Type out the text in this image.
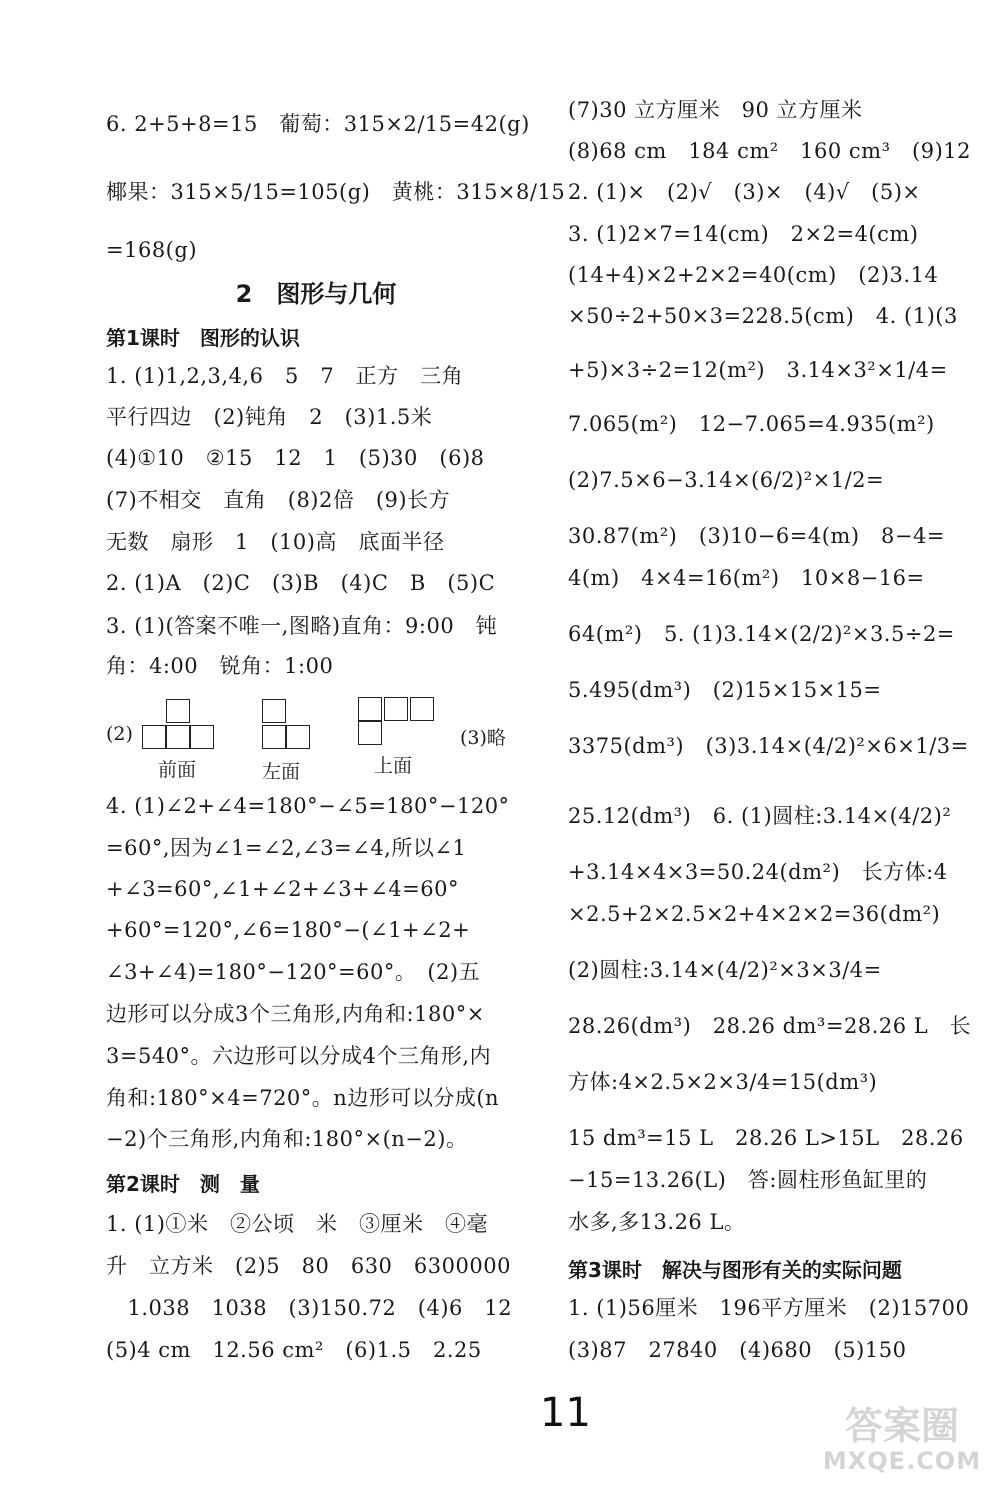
6. 2+5+8=15　葡萄：315×2/15=42(g)
椰果：315×5/15=105(g)　黄桃：315×8/15
=168(g)
2　图形与几何
第1课时　图形的认识
1. (1)1,2,3,4,6　5　7　正方　三角
平行四边　(2)钝角　2　(3)1.5米
(4)①10　②15　12　1　(5)30　(6)8
(7)不相交　直角　(8)2倍　(9)长方
无数　扇形　1　(10)高　底面半径
2. (1)A　(2)C　(3)B　(4)C　B　(5)C
3. (1)(答案不唯一,图略)直角：9:00　钝
角：4:00　锐角：1:00
(2)
前面	左面	上面
(3)略
4. (1)∠2+∠4=180°−∠5=180°−120°
=60°,因为∠1=∠2,∠3=∠4,所以∠1
+∠3=60°,∠1+∠2+∠3+∠4=60°
+60°=120°,∠6=180°−(∠1+∠2+
∠3+∠4)=180°−120°=60°。　(2)五
边形可以分成3个三角形,内角和:180°×
3=540°。六边形可以分成4个三角形,内
角和:180°×4=720°。n边形可以分成(n
−2)个三角形,内角和:180°×(n−2)。
第2课时　测　量
1. (1)①米　②公顷　米　③厘米　④毫
升　立方米　(2)5　80　630　6300000
　1.038　1038　(3)150.72　(4)6　12
(5)4 cm　12.56 cm²　(6)1.5　2.25
(7)30 立方厘米　90 立方厘米
(8)68 cm　184 cm²　160 cm³　(9)12
2. (1)×　(2)√　(3)×　(4)√　(5)×
3. (1)2×7=14(cm)　2×2=4(cm)
(14+4)×2+2×2=40(cm)　(2)3.14
×50÷2+50×3=228.5(cm)　4. (1)(3
+5)×3÷2=12(m²)　3.14×3²×1/4=
7.065(m²)　12−7.065=4.935(m²)
(2)7.5×6−3.14×(6/2)²×1/2=
30.87(m²)　(3)10−6=4(m)　8−4=
4(m)　4×4=16(m²)　10×8−16=
64(m²)　5. (1)3.14×(2/2)²×3.5÷2=
5.495(dm³)　(2)15×15×15=
3375(dm³)　(3)3.14×(4/2)²×6×1/3=
25.12(dm³)　6. (1)圆柱:3.14×(4/2)²
+3.14×4×3=50.24(dm²)　长方体:4
×2.5+2×2.5×2+4×2×2=36(dm²)
(2)圆柱:3.14×(4/2)²×3×3/4=
28.26(dm³)　28.26 dm³=28.26 L　长
方体:4×2.5×2×3/4=15(dm³)
15 dm³=15 L　28.26 L>15L　28.26
−15=13.26(L)　答:圆柱形鱼缸里的
水多,多13.26 L。
第3课时　解决与图形有关的实际问题
1. (1)56厘米　196平方厘米　(2)15700
(3)87　27840　(4)680　(5)150
11	答案圈
MXQE.COM
